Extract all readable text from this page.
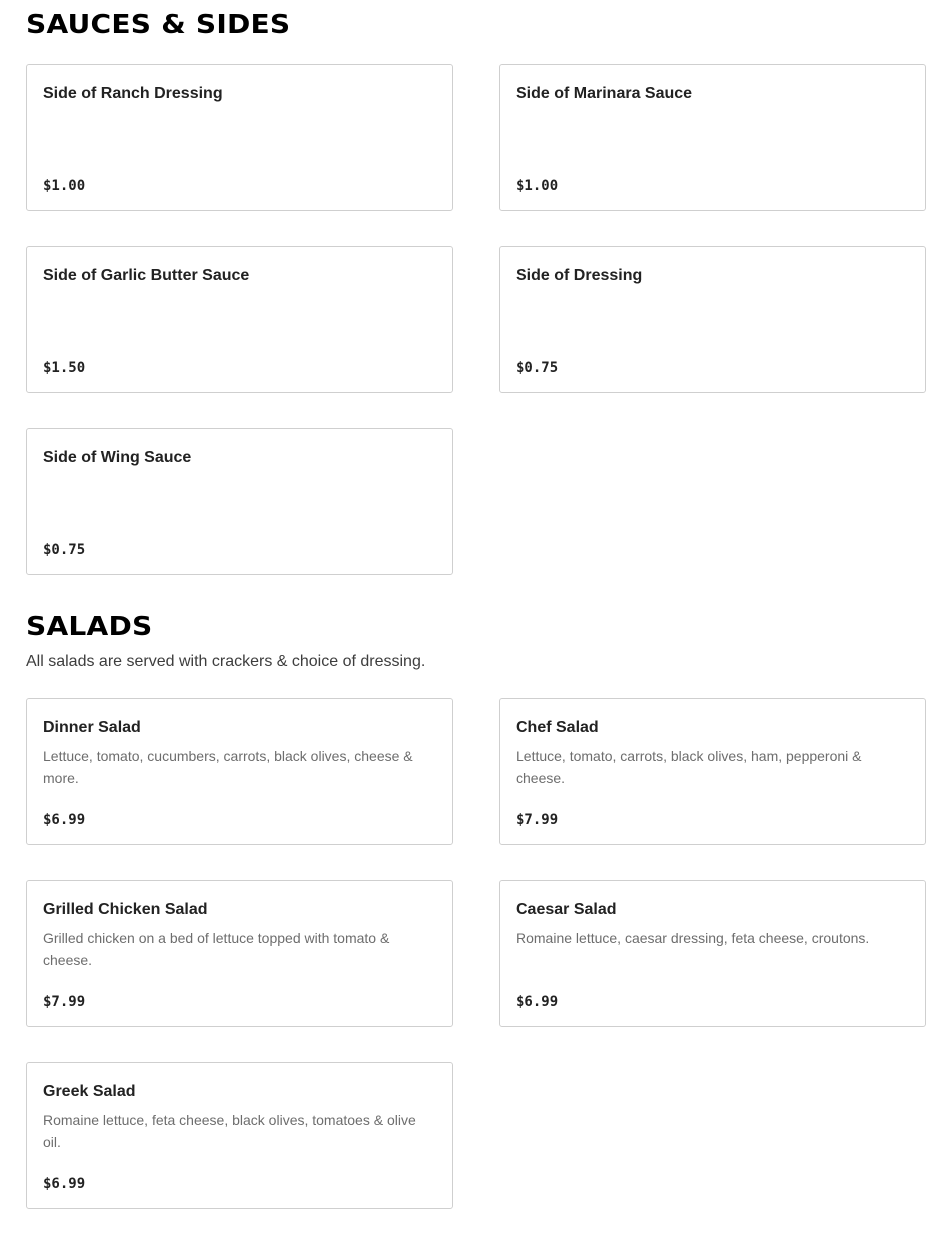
SAUCES & SIDES
Side of Ranch Dressing
$1.00
Side of Marinara Sauce
$1.00
Side of Garlic Butter Sauce
$1.50
Side of Dressing
$0.75
Side of Wing Sauce
$0.75
SALADS

All salads are served with crackers & choice of dressing.

Dinner Salad
Lettuce, tomato, cucumbers, carrots, black olives, cheese & more.
$6.99
Chef Salad
Lettuce, tomato, carrots, black olives, ham, pepperoni & cheese.
$7.99
Grilled Chicken Salad
Grilled chicken on a bed of lettuce topped with tomato & cheese.
$7.99
Caesar Salad
Romaine lettuce, caesar dressing, feta cheese, croutons.
$6.99
Greek Salad
Romaine lettuce, feta cheese, black olives, tomatoes & olive oil.
$6.99
